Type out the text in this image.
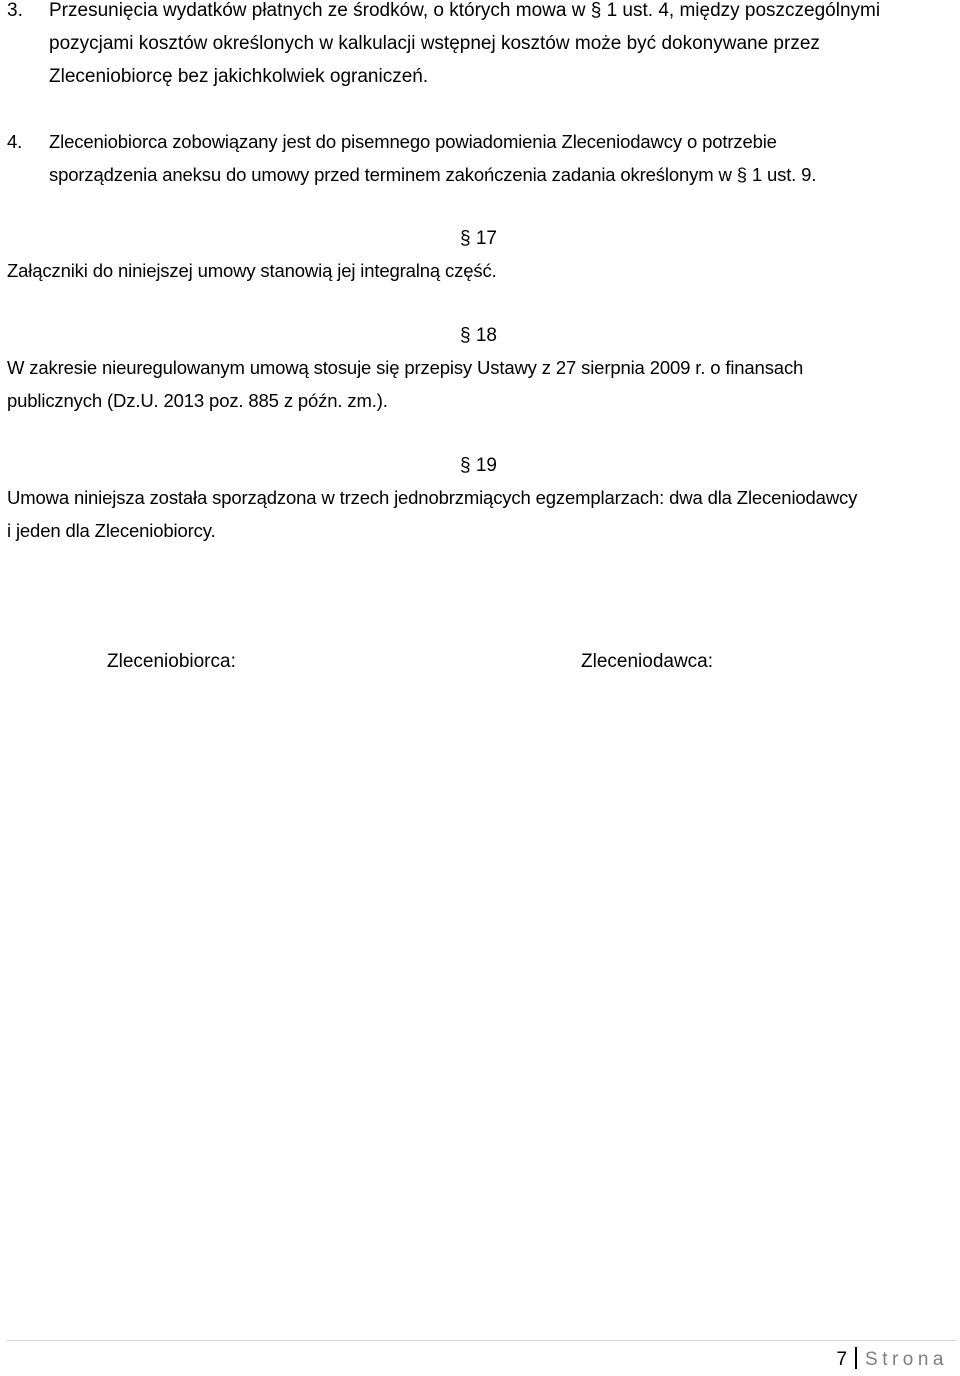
3. Przesunięcia wydatków płatnych ze środków, o których mowa w § 1 ust. 4, między poszczególnymi
pozycjami kosztów określonych w kalkulacji wstępnej kosztów może być dokonywane przez
Zleceniobiorcę bez jakichkolwiek ograniczeń.
4. Zleceniobiorca zobowiązany jest do pisemnego powiadomienia Zleceniodawcy o potrzebie
sporządzenia aneksu do umowy przed terminem zakończenia zadania określonym w § 1 ust. 9.
§ 17
Załączniki do niniejszej umowy stanowią jej integralną część.
§ 18
W zakresie nieuregulowanym umową stosuje się przepisy Ustawy z 27 sierpnia 2009 r. o finansach
publicznych (Dz.U. 2013 poz. 885 z późn. zm.).
§ 19
Umowa niniejsza została sporządzona w trzech jednobrzmiących egzemplarzach: dwa dla Zleceniodawcy
i jeden dla Zleceniobiorcy.
Zleceniobiorca:	Zleceniodawca:
7 Strona
